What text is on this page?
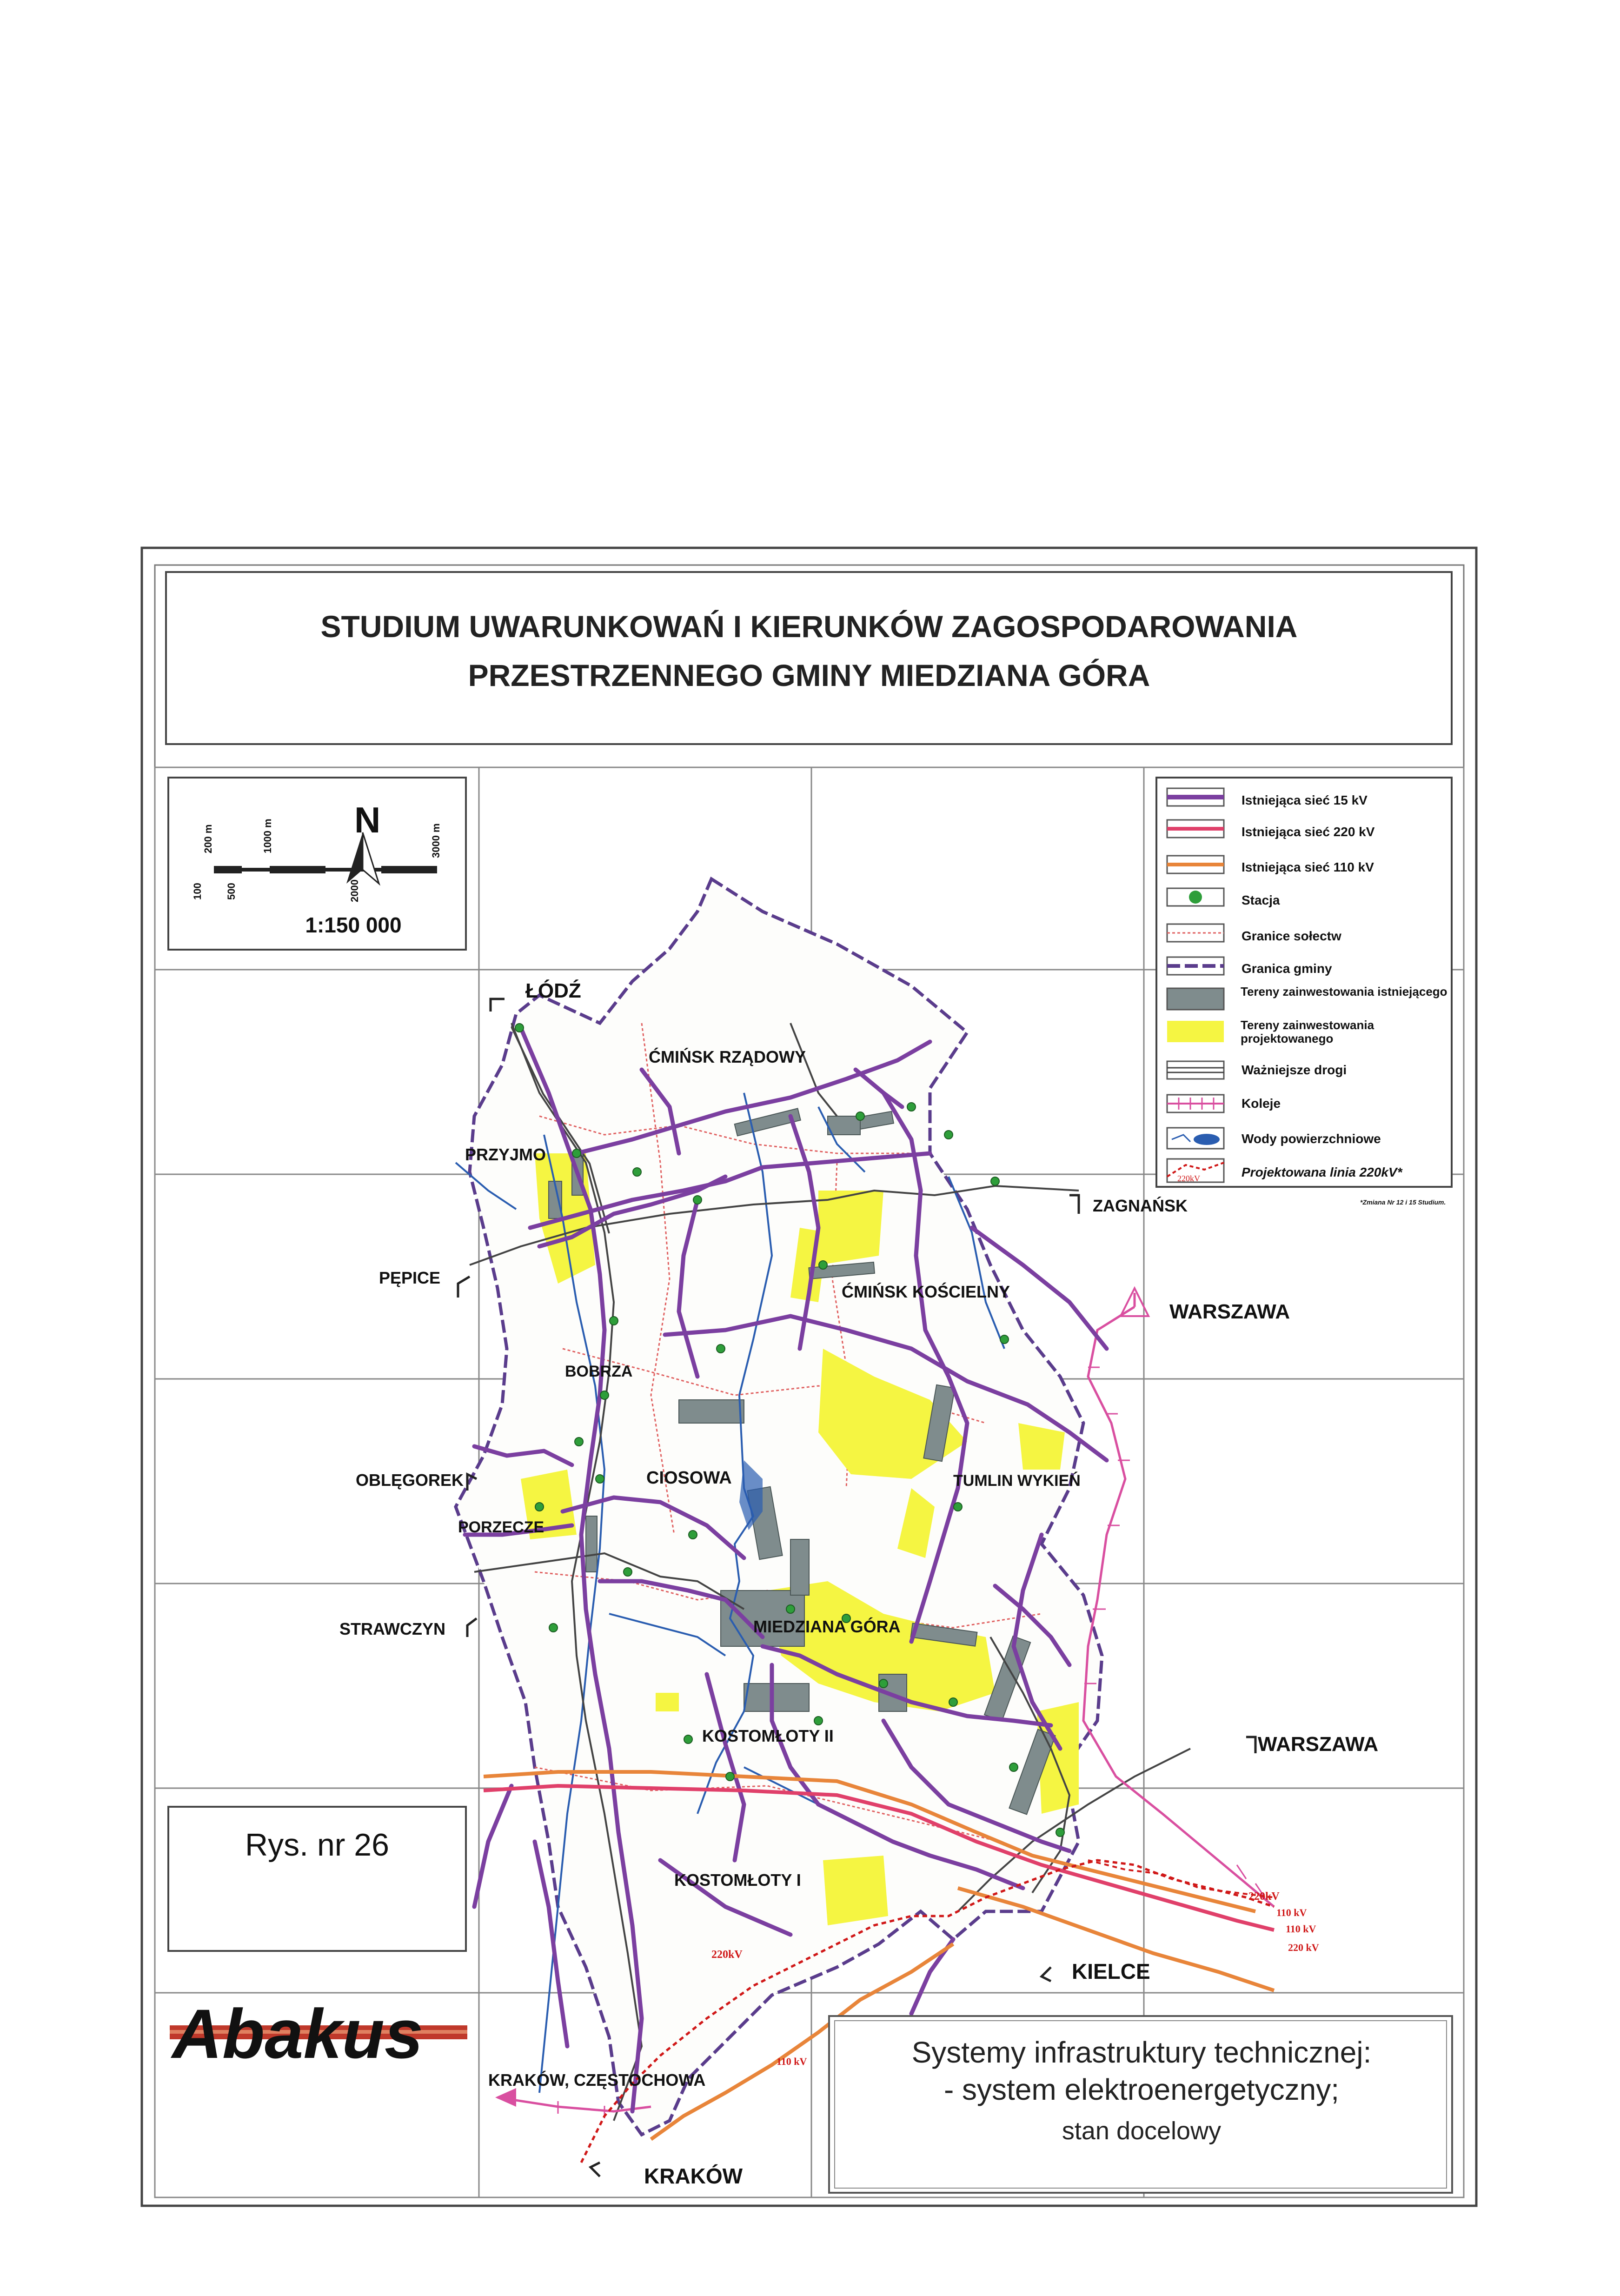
STUDIUM UWARUNKOWAŃ I KIERUNKÓW ZAGOSPODAROWANIA
PRZESTRZENNEGO GMINY MIEDZIANA GÓRA
100
200 m
500
1000 m
2000
3000 m
N
1:150 000
ŁÓDŹ
ĆMIŃSK RZĄDOWY
PRZYJMO
ZAGNAŃSK
PĘPICE
ĆMIŃSK KOŚCIELNY
WARSZAWA
BOBRZA
OBLĘGOREK	CIOSOWA	TUMLIN WYKIEŃ
PORZECZE
STRAWCZYN	MIEDZIANA GÓRA
KOSTOMŁOTY II	WARSZAWA
KOSTOMŁOTY I
KIELCE
KRAKÓW, CZĘSTOCHOWA
KRAKÓW
220kV
110 kV
110 kV
220 kV
220kV
110 kV
220kV
Istniejąca sieć 15 kV
Istniejąca sieć 220 kV
Istniejąca sieć 110 kV
Stacja
Granice sołectw
Granica gminy
Tereny zainwestowania istniejącego
Tereny zainwestowania projektowanego
Ważniejsze drogi
Koleje
Wody powierzchniowe
Projektowana linia 220kV*
*Zmiana Nr 12 i 15 Studium.
Rys. nr 26
Abakus	Systemy infrastruktury technicznej:
- system elektroenergetyczny;
stan docelowy
